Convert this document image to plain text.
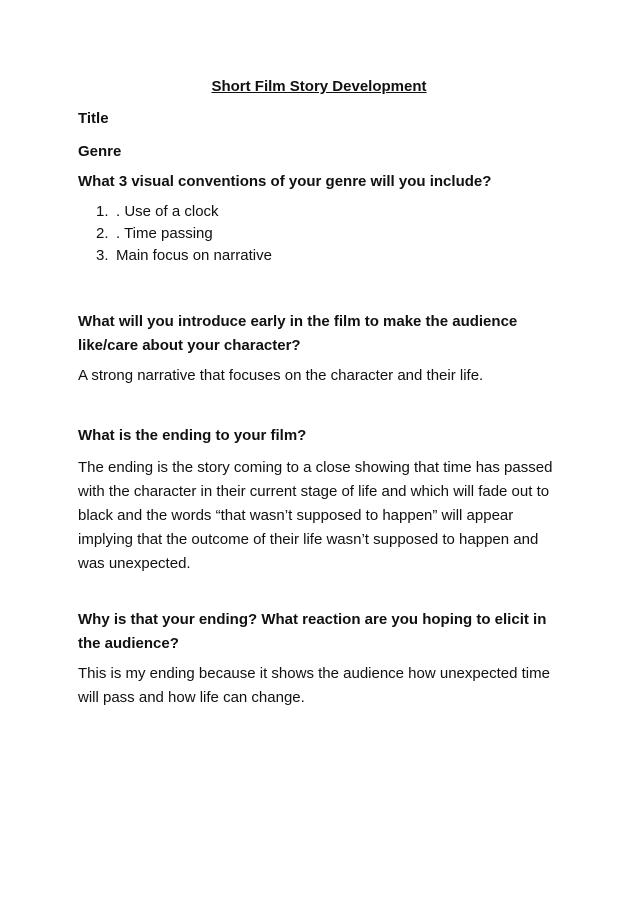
Short Film Story Development
Title
Genre
What 3 visual conventions of your genre will you include?
1. . Use of a clock
2. . Time passing
3. Main focus on narrative
What will you introduce early in the film to make the audience like/care about your character?
A strong narrative that focuses on the character and their life.
What is the ending to your film?
The ending is the story coming to a close showing that time has passed with the character in their current stage of life and which will fade out to black and the words “that wasn’t supposed to happen” will appear implying that the outcome of their life wasn’t supposed to happen and was unexpected.
Why is that your ending? What reaction are you hoping to elicit in the audience?
This is my ending because it shows the audience how unexpected time will pass and how life can change.
